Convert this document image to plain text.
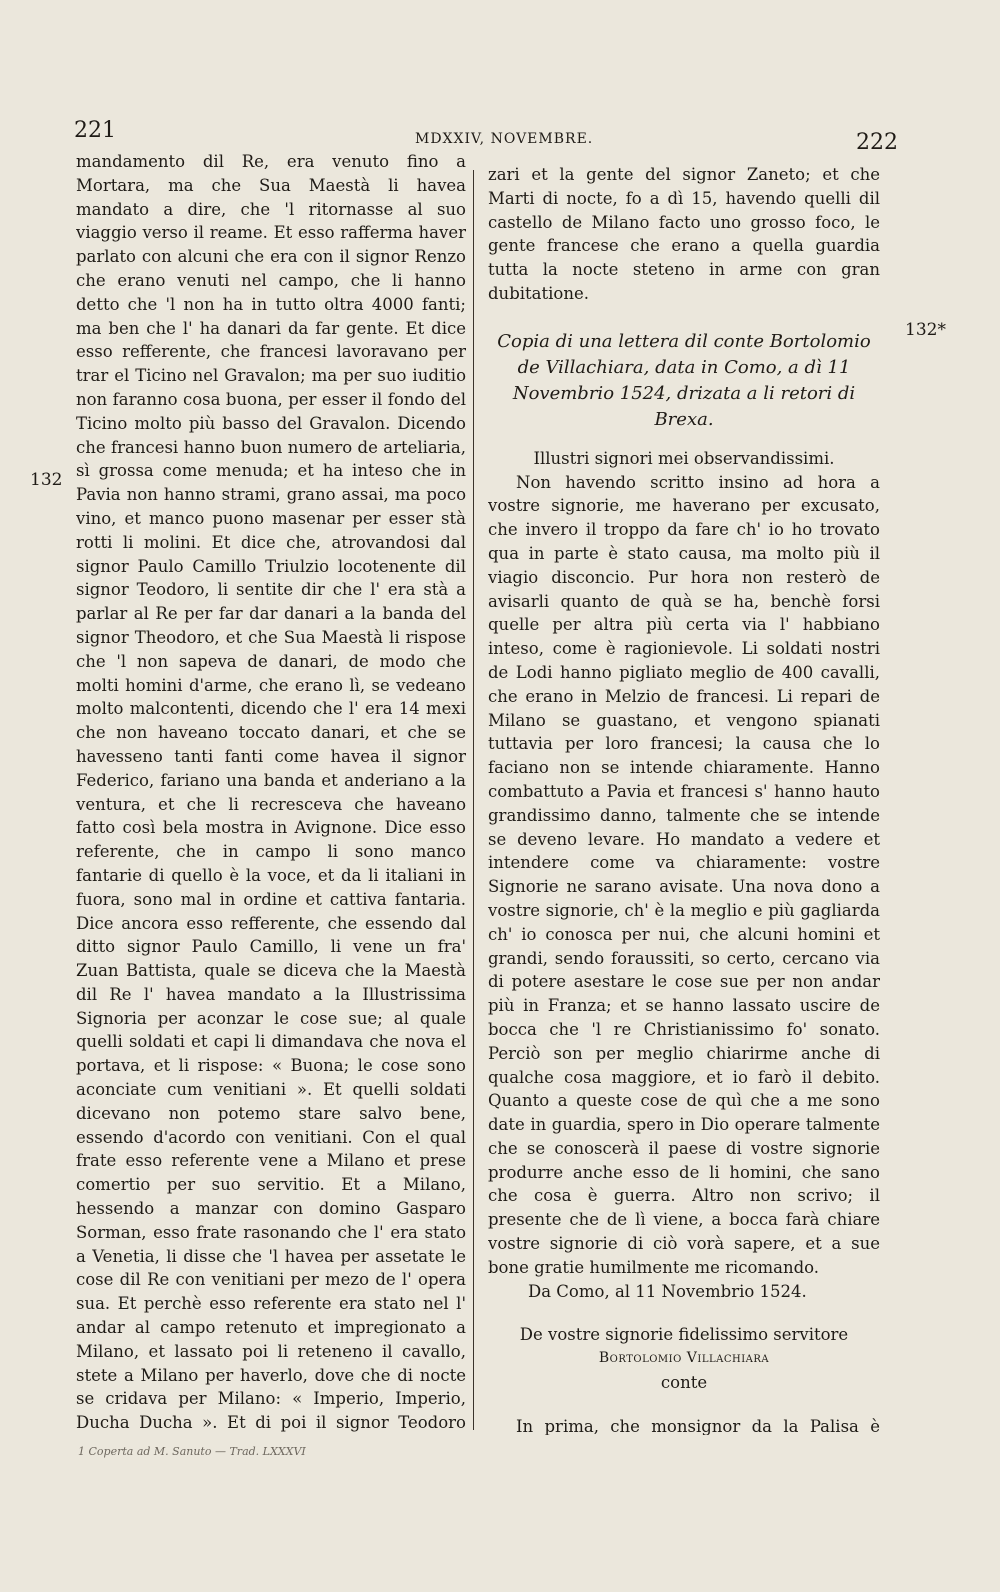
221	MDXXIV, NOVEMBRE.	222
132
132*

mandamento dil Re, era venuto fino a Mortara, ma che Sua Maestà li havea mandato a dire, che 'l ritornasse al suo viaggio verso il reame. Et esso rafferma haver parlato con alcuni che era con il signor Renzo che erano venuti nel campo, che li hanno detto che 'l non ha in tutto oltra 4000 fanti; ma ben che l' ha danari da far gente. Et dice esso refferente, che francesi lavoravano per trar el Ticino nel Gravalon; ma per suo iuditio non faranno cosa buona, per esser il fondo del Ticino molto più basso del Gravalon. Dicendo che francesi hanno buon numero de arteliaria, sì grossa come menuda; et ha inteso che in Pavia non hanno strami, grano assai, ma poco vino, et manco puono masenar per esser stà rotti li molini. Et dice che, atrovandosi dal signor Paulo Camillo Triulzio locotenente dil signor Teodoro, li sentite dir che l' era stà a parlar al Re per far dar danari a la banda del signor Theodoro, et che Sua Maestà li rispose che 'l non sapeva de danari, de modo che molti homini d'arme, che erano lì, se vedeano molto malcontenti, dicendo che l' era 14 mexi che non haveano toccato danari, et che se havesseno tanti fanti come havea il signor Federico, fariano una banda et anderiano a la ventura, et che li recresceva che haveano fatto così bela mostra in Avignone. Dice esso referente, che in campo li sono manco fantarie di quello è la voce, et da li italiani in fuora, sono mal in ordine et cattiva fantaria. Dice ancora esso refferente, che essendo dal ditto signor Paulo Camillo, li vene un fra' Zuan Battista, quale se diceva che la Maestà dil Re l' havea mandato a la Illustrissima Signoria per aconzar le cose sue; al quale quelli soldati et capi li dimandava che nova el portava, et li rispose: « Buona; le cose sono aconciate cum venitiani ». Et quelli soldati dicevano non potemo stare salvo bene, essendo d'acordo con venitiani. Con el qual frate esso referente vene a Milano et prese comertio per suo servitio. Et a Milano, hessendo a manzar con domino Gasparo Sorman, esso frate rasonando che l' era stato a Venetia, li disse che 'l havea per assetate le cose dil Re con venitiani per mezo de l' opera sua. Et perchè esso referente era stato nel l' andar al campo retenuto et impregionato a Milano, et lassato poi li reteneno il cavallo, stete a Milano per haverlo, dove che di nocte se cridava per Milano: « Imperio, Imperio, Ducha Ducha ». Et di poi il signor Teodoro

zari et la gente del signor Zaneto; et che Marti di nocte, fo a dì 15, havendo quelli dil castello de Milano facto uno grosso foco, le gente francese che erano a quella guardia tutta la nocte steteno in arme con gran dubitatione.

Copia di una lettera dil conte Bortolomio de Villachiara, data in Como, a dì 11 Novembrio 1524, drizata a li retori di Brexa.

Illustri signori mei observandissimi.

Non havendo scritto insino ad hora a vostre signorie, me haverano per excusato, che invero il troppo da fare ch' io ho trovato qua in parte è stato causa, ma molto più il viagio disconcio. Pur hora non resterò de avisarli quanto de quà se ha, benchè forsi quelle per altra più certa via l' habbiano inteso, come è ragionievole. Li soldati nostri de Lodi hanno pigliato meglio de 400 cavalli, che erano in Melzio de francesi. Li repari de Milano se guastano, et vengono spianati tuttavia per loro francesi; la causa che lo faciano non se intende chiaramente. Hanno combattuto a Pavia et francesi s' hanno hauto grandissimo danno, talmente che se intende se deveno levare. Ho mandato a vedere et intendere come va chiaramente: vostre Signorie ne sarano avisate. Una nova dono a vostre signorie, ch' è la meglio e più gagliarda ch' io conosca per nui, che alcuni homini et grandi, sendo foraussiti, so certo, cercano via di potere asestare le cose sue per non andar più in Franza; et se hanno lassato uscire de bocca che 'l re Christianissimo fo' sonato. Perciò son per meglio chiarirme anche di qualche cosa maggiore, et io farò il debito. Quanto a queste cose de quì che a me sono date in guardia, spero in Dio operare talmente che se conoscerà il paese di vostre signorie produrre anche esso de li homini, che sano che cosa è guerra. Altro non scrivo; il presente che de lì viene, a bocca farà chiare vostre signorie di ciò vorà sapere, et a sue bone gratie humilmente me ricomando.

Da Como, al 11 Novembrio 1524.

De vostre signorie fidelissimo servitore

Bortolomio Villachiara

conte

In prima, che monsignor da la Palisa è

1 Coperta ad M. Sanuto — Trad. LXXXVI
